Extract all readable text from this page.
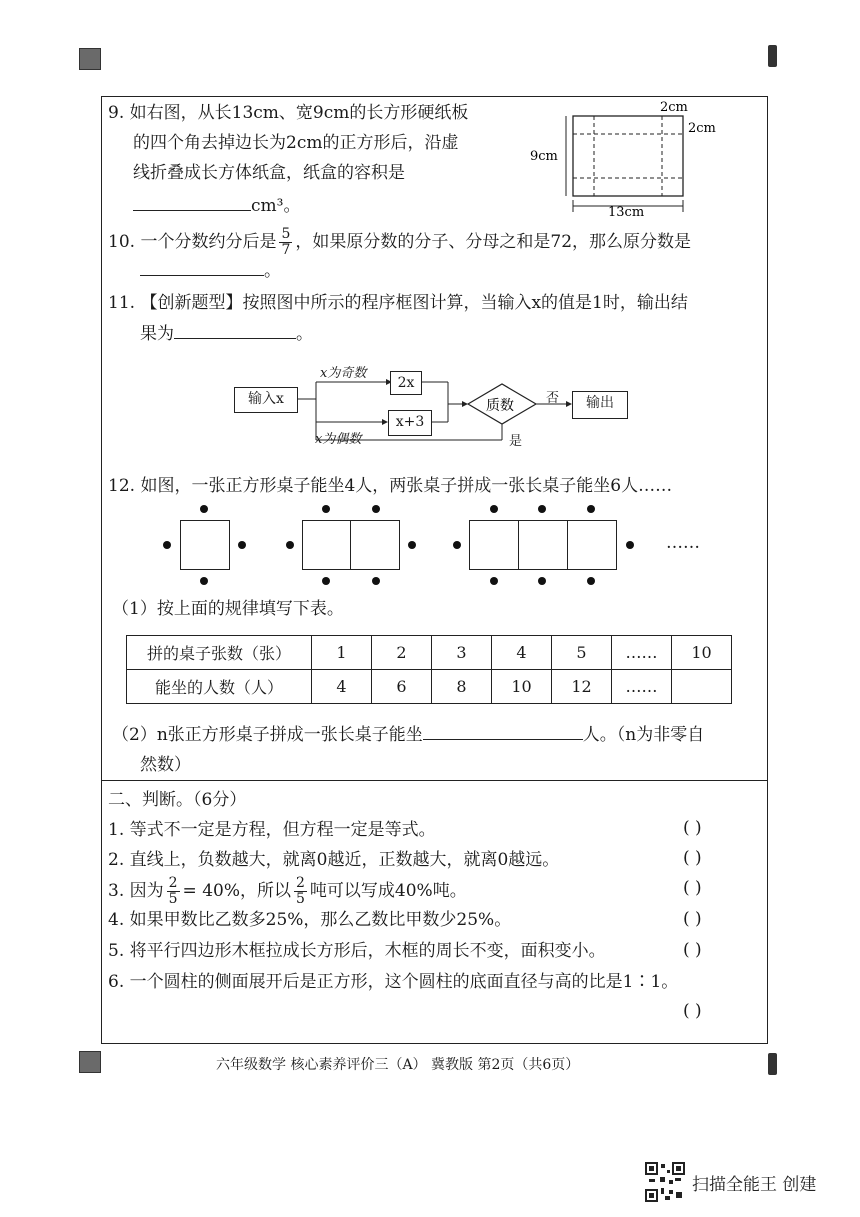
9. 如右图，从长13cm、宽9cm的长方形硬纸板
的四个角去掉边长为2cm的正方形后，沿虚
线折叠成长方体纸盒，纸盒的容积是
cm³。
2cm
2cm
9cm
13cm
10. 一个分数约分后是 $\frac{5}{7}$ ，如果原分数的分子、分母之和是72，那么原分数是
。
11. 【创新题型】按照图中所示的程序框图计算，当输入x的值是1时，输出结
果为	。
质数
输入x
2x
x+3
输出
x为奇数
x为偶数
否
是
12. 如图，一张正方形桌子能坐4人，两张桌子拼成一张长桌子能坐6人……
……
（1）按上面的规律填写下表。
拼的桌子张数（张）	1	2	3	4	5	……	10
能坐的人数（人）	4	6	8	10	12	……	
（2）n张正方形桌子拼成一张长桌子能坐	人。（n为非零自
然数）
二、判断。（6分）
1. 等式不一定是方程，但方程一定是等式。
2. 直线上，负数越大，就离0越近，正数越大，就离0越远。
3. 因为 $\frac{2}{5} = 40\%$，所以 $\frac{2}{5}$ 吨可以写成40%吨。
4. 如果甲数比乙数多25%，那么乙数比甲数少25%。
5. 将平行四边形木框拉成长方形后，木框的周长不变，面积变小。
6. 一个圆柱的侧面展开后是正方形，这个圆柱的底面直径与高的比是1∶1。
( )
( )
( )
( )
( )
( )
六年级数学 核心素养评价三（A） 冀教版 第2页（共6页）
扫描全能王 创建
